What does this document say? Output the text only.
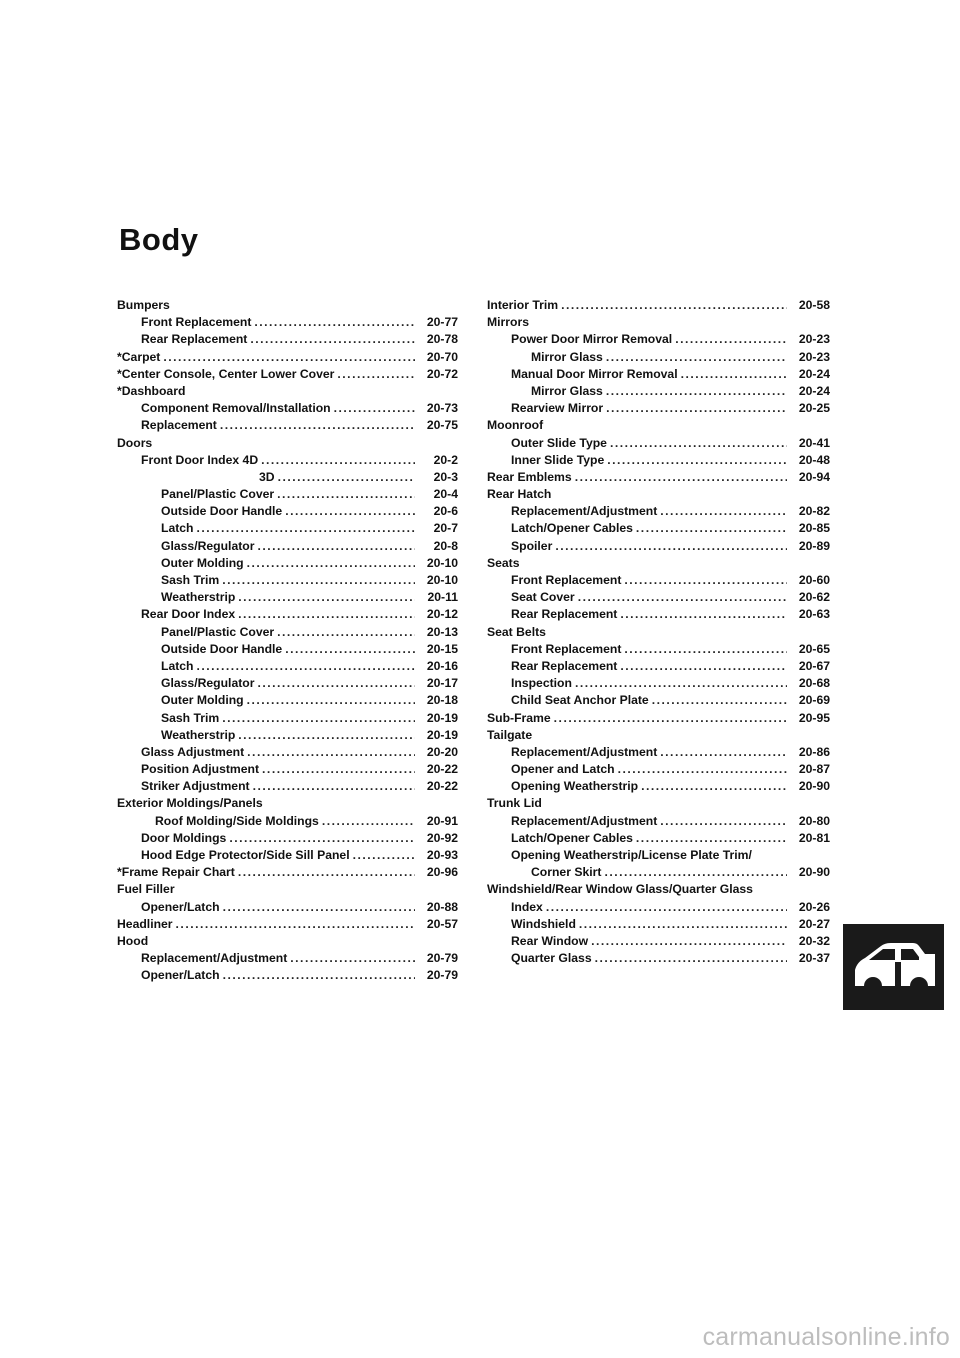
Body
Bumpers
Front Replacement .....	20-77
Rear Replacement .....	20-78
*Carpet .....	20-70
*Center Console, Center Lower Cover .....	20-72
*Dashboard
Component Removal/Installation .....	20-73
Replacement .....	20-75
Doors
Front Door Index 4D .....	20-2
3D .....	20-3
Panel/Plastic Cover .....	20-4
Outside Door Handle .....	20-6
Latch .....	20-7
Glass/Regulator .....	20-8
Outer Molding .....	20-10
Sash Trim .....	20-10
Weatherstrip .....	20-11
Rear Door Index .....	20-12
Panel/Plastic Cover .....	20-13
Outside Door Handle .....	20-15
Latch .....	20-16
Glass/Regulator .....	20-17
Outer Molding .....	20-18
Sash Trim .....	20-19
Weatherstrip .....	20-19
Glass Adjustment .....	20-20
Position Adjustment .....	20-22
Striker Adjustment .....	20-22
Exterior Moldings/Panels
Roof Molding/Side Moldings .....	20-91
Door Moldings .....	20-92
Hood Edge Protector/Side Sill Panel .....	20-93
*Frame Repair Chart .....	20-96
Fuel Filler
Opener/Latch .....	20-88
Headliner .....	20-57
Hood
Replacement/Adjustment .....	20-79
Opener/Latch .....	20-79
Interior Trim .....	20-58
Mirrors
Power Door Mirror Removal .....	20-23
Mirror Glass .....	20-23
Manual Door Mirror Removal .....	20-24
Mirror Glass .....	20-24
Rearview Mirror .....	20-25
Moonroof
Outer Slide Type .....	20-41
Inner Slide Type .....	20-48
Rear Emblems .....	20-94
Rear Hatch
Replacement/Adjustment .....	20-82
Latch/Opener Cables .....	20-85
Spoiler .....	20-89
Seats
Front Replacement .....	20-60
Seat Cover .....	20-62
Rear Replacement .....	20-63
Seat Belts
Front Replacement .....	20-65
Rear Replacement .....	20-67
Inspection .....	20-68
Child Seat Anchor Plate .....	20-69
Sub-Frame .....	20-95
Tailgate
Replacement/Adjustment .....	20-86
Opener and Latch .....	20-87
Opening Weatherstrip .....	20-90
Trunk Lid
Replacement/Adjustment .....	20-80
Latch/Opener Cables .....	20-81
Opening Weatherstrip/License Plate Trim/
Corner Skirt .....	20-90
Windshield/Rear Window Glass/Quarter Glass
Index .....	20-26
Windshield .....	20-27
Rear Window .....	20-32
Quarter Glass .....	20-37
carmanualsonline.info
